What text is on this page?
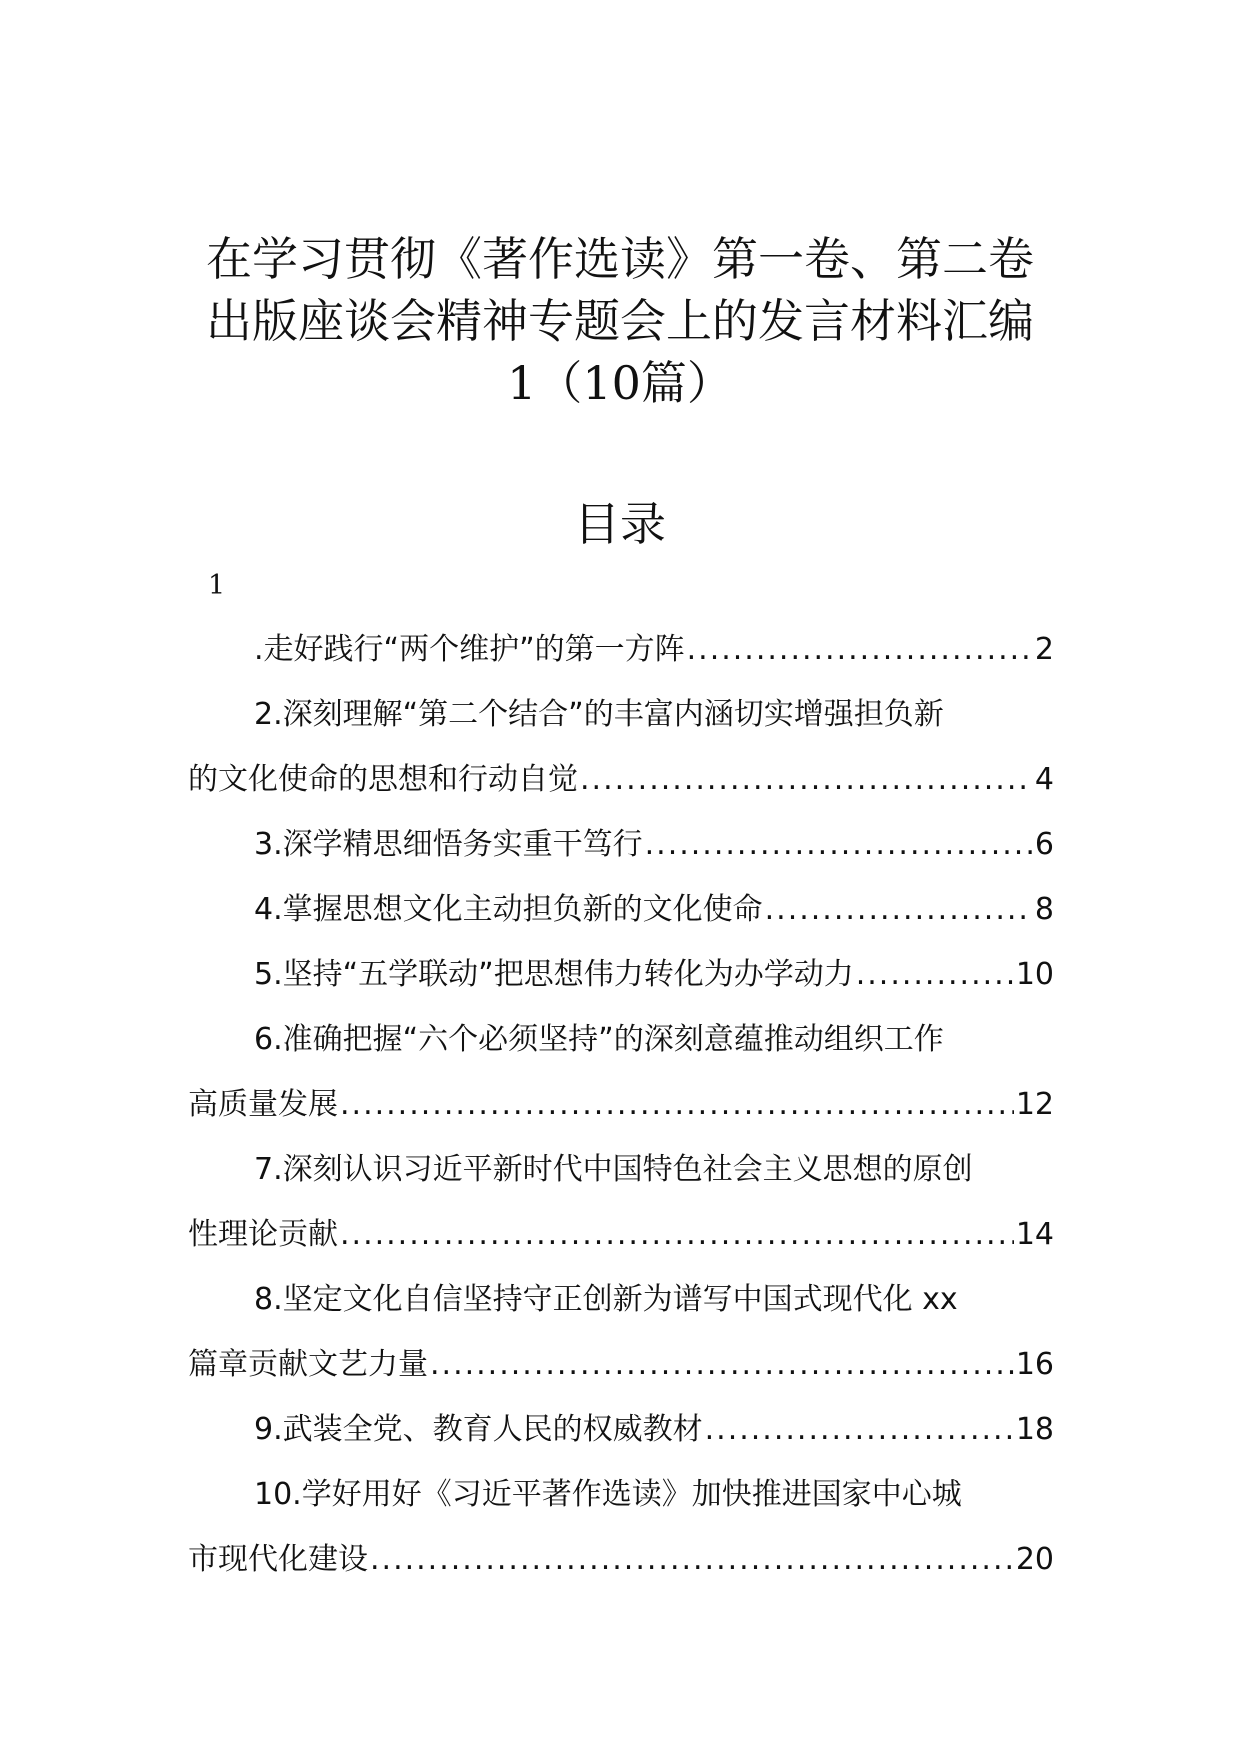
在学习贯彻《著作选读》第一卷、第二卷
出版座谈会精神专题会上的发言材料汇编
1（10篇）
目录
1
.走好践行“两个维护”的第一方阵 .....	2
2.深刻理解“第二个结合”的丰富内涵切实增强担负新
的文化使命的思想和行动自觉 .....	4
3.深学精思细悟务实重干笃行 .....	6
4.掌握思想文化主动担负新的文化使命 .....	8
5.坚持“五学联动”把思想伟力转化为办学动力 .....	10
6.准确把握“六个必须坚持”的深刻意蕴推动组织工作
高质量发展 .....	12
7.深刻认识习近平新时代中国特色社会主义思想的原创
性理论贡献 .....	14
8.坚定文化自信坚持守正创新为谱写中国式现代化 xx
篇章贡献文艺力量 .....	16
9.武装全党、教育人民的权威教材 .....	18
10.学好用好《习近平著作选读》加快推进国家中心城
市现代化建设 .....	20
